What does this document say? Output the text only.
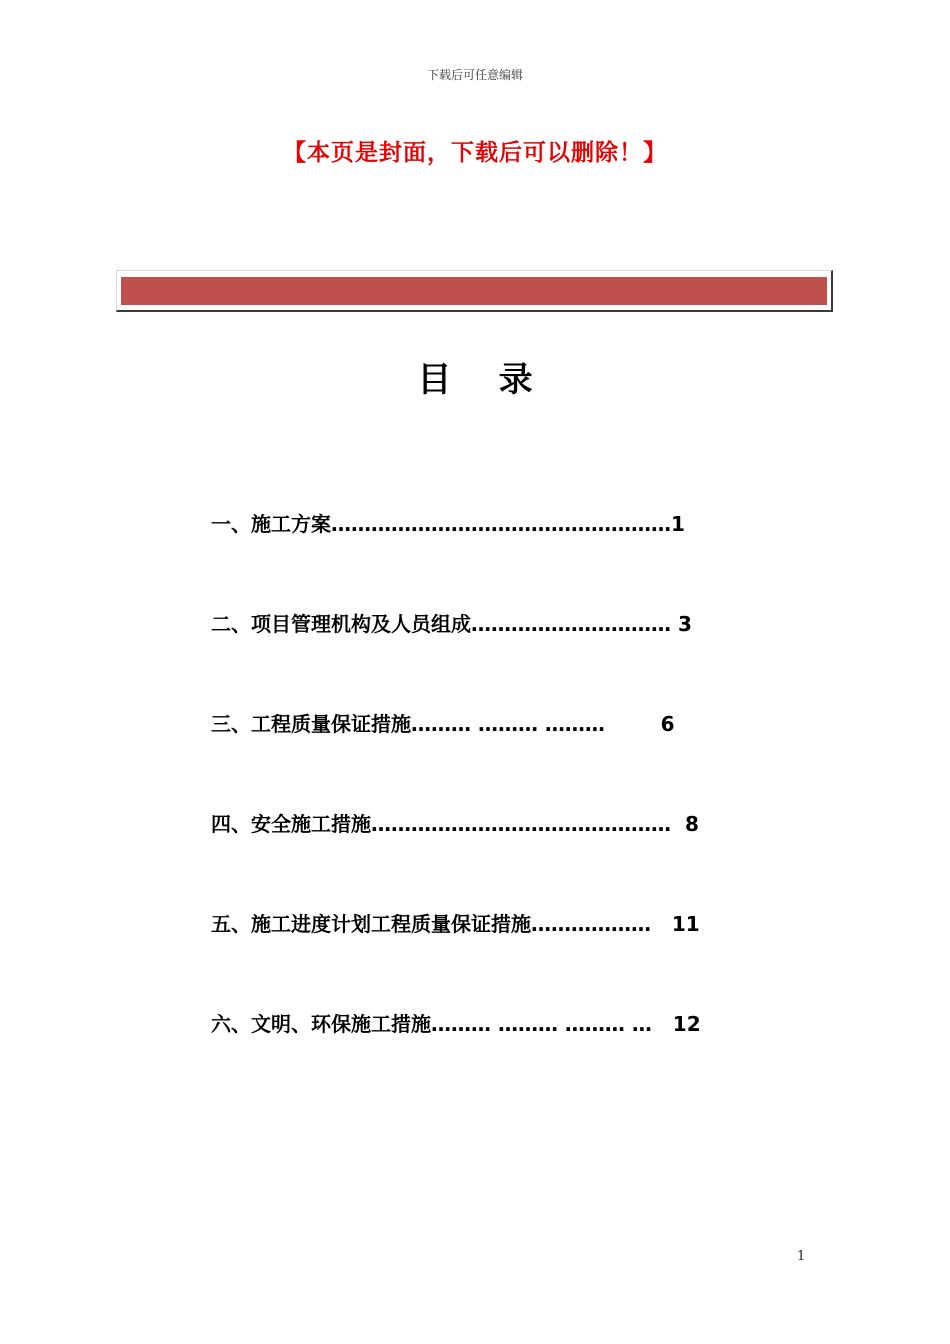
下载后可任意编辑
【本页是封面，下载后可以删除！】
目    录
一、施工方案……………………………………………1
二、项目管理机构及人员组成………………………… 3
三、工程质量保证措施……… ……… ………        6
四、安全施工措施………………………………………  8
五、施工进度计划工程质量保证措施………………   11
六、文明、环保施工措施……… ……… ……… …   12
1
